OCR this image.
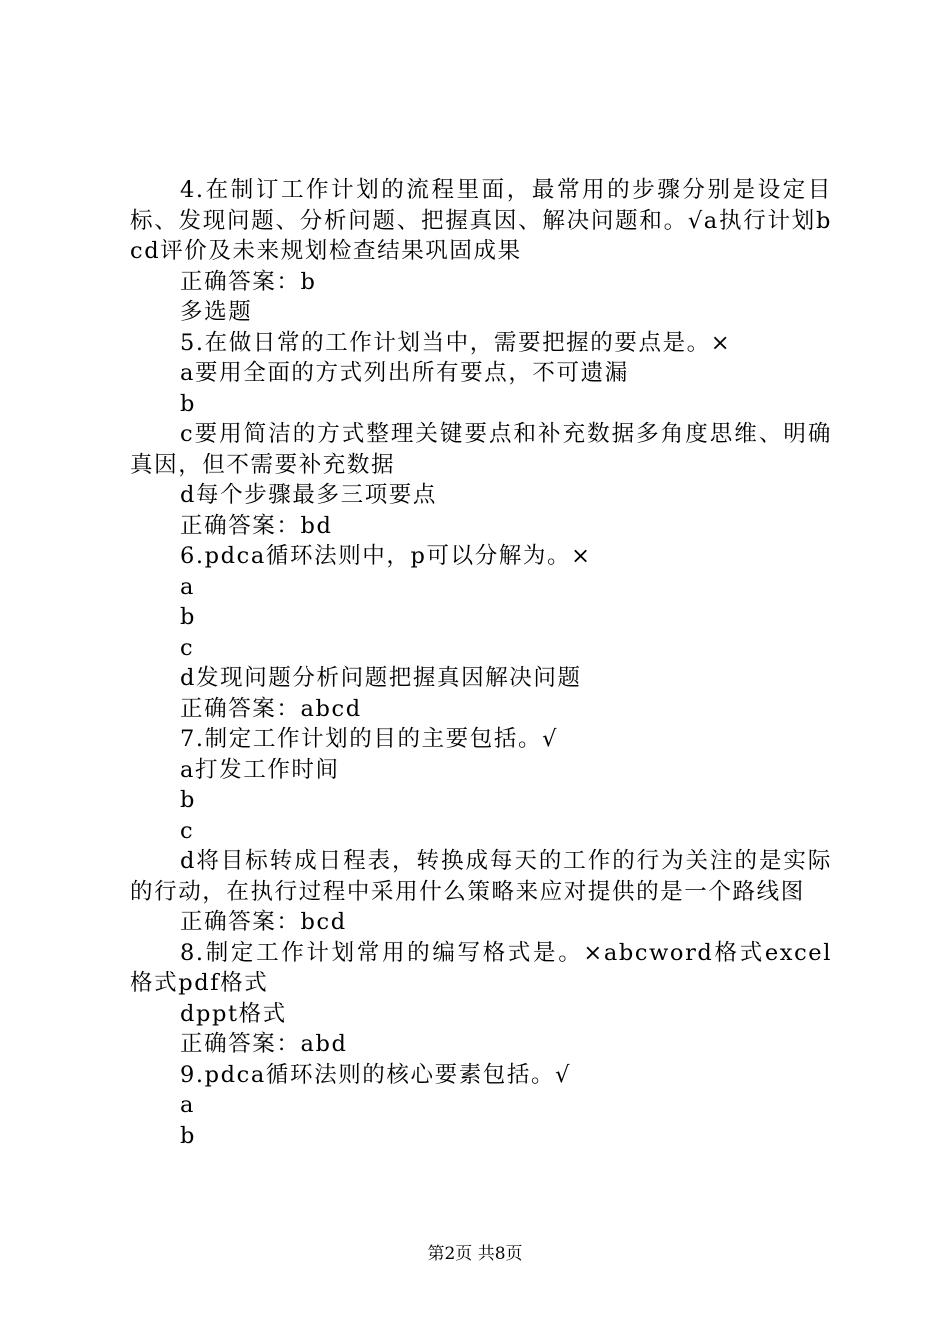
4.在制订工作计划的流程里面，最常用的步骤分别是设定目标、发现问题、分析问题、把握真因、解决问题和。√a执行计划bcd评价及未来规划检查结果巩固成果

正确答案：b

多选题

5.在做日常的工作计划当中，需要把握的要点是。×

a要用全面的方式列出所有要点，不可遗漏

b

c要用简洁的方式整理关键要点和补充数据多角度思维、明确真因，但不需要补充数据

d每个步骤最多三项要点

正确答案：bd

6.pdca循环法则中，p可以分解为。×

a

b

c

d发现问题分析问题把握真因解决问题

正确答案：abcd

7.制定工作计划的目的主要包括。√

a打发工作时间

b

c

d将目标转成日程表，转换成每天的工作的行为关注的是实际的行动，在执行过程中采用什么策略来应对提供的是一个路线图

正确答案：bcd

8.制定工作计划常用的编写格式是。×abcword格式excel格式pdf格式

dppt格式

正确答案：abd

9.pdca循环法则的核心要素包括。√

a

b

第2页 共8页
